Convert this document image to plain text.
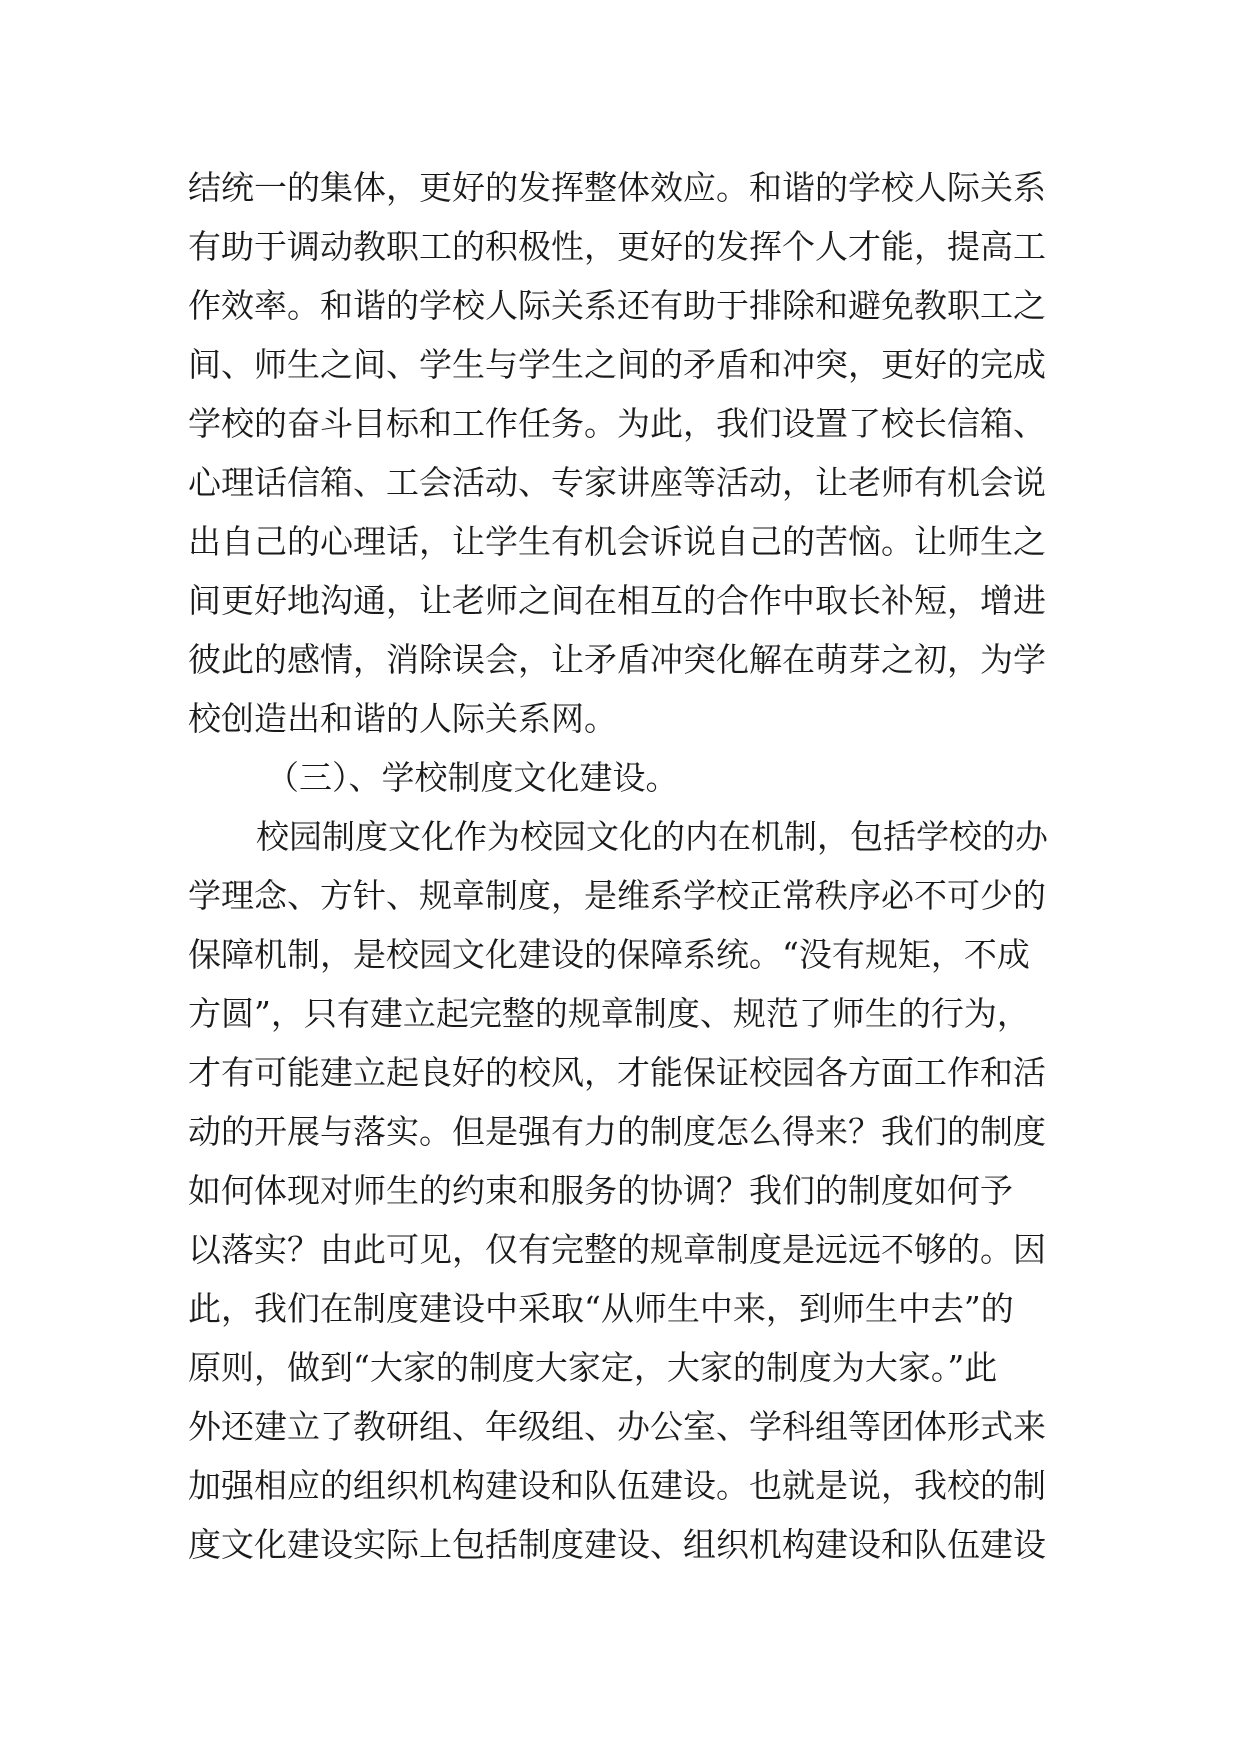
结统一的集体，更好的发挥整体效应。和谐的学校人际关系
有助于调动教职工的积极性，更好的发挥个人才能，提高工
作效率。和谐的学校人际关系还有助于排除和避免教职工之
间、师生之间、学生与学生之间的矛盾和冲突，更好的完成
学校的奋斗目标和工作任务。为此，我们设置了校长信箱、
心理话信箱、工会活动、专家讲座等活动，让老师有机会说
出自己的心理话，让学生有机会诉说自己的苦恼。让师生之
间更好地沟通，让老师之间在相互的合作中取长补短，增进
彼此的感情，消除误会，让矛盾冲突化解在萌芽之初，为学
校创造出和谐的人际关系网。
（三）、学校制度文化建设。
校园制度文化作为校园文化的内在机制，包括学校的办
学理念、方针、规章制度，是维系学校正常秩序必不可少的
保障机制，是校园文化建设的保障系统。“没有规矩，不成
方圆”，只有建立起完整的规章制度、规范了师生的行为，
才有可能建立起良好的校风，才能保证校园各方面工作和活
动的开展与落实。但是强有力的制度怎么得来？我们的制度
如何体现对师生的约束和服务的协调？我们的制度如何予
以落实？由此可见，仅有完整的规章制度是远远不够的。因
此，我们在制度建设中采取“从师生中来，到师生中去”的
原则，做到“大家的制度大家定，大家的制度为大家。”此
外还建立了教研组、年级组、办公室、学科组等团体形式来
加强相应的组织机构建设和队伍建设。也就是说，我校的制
度文化建设实际上包括制度建设、组织机构建设和队伍建设
